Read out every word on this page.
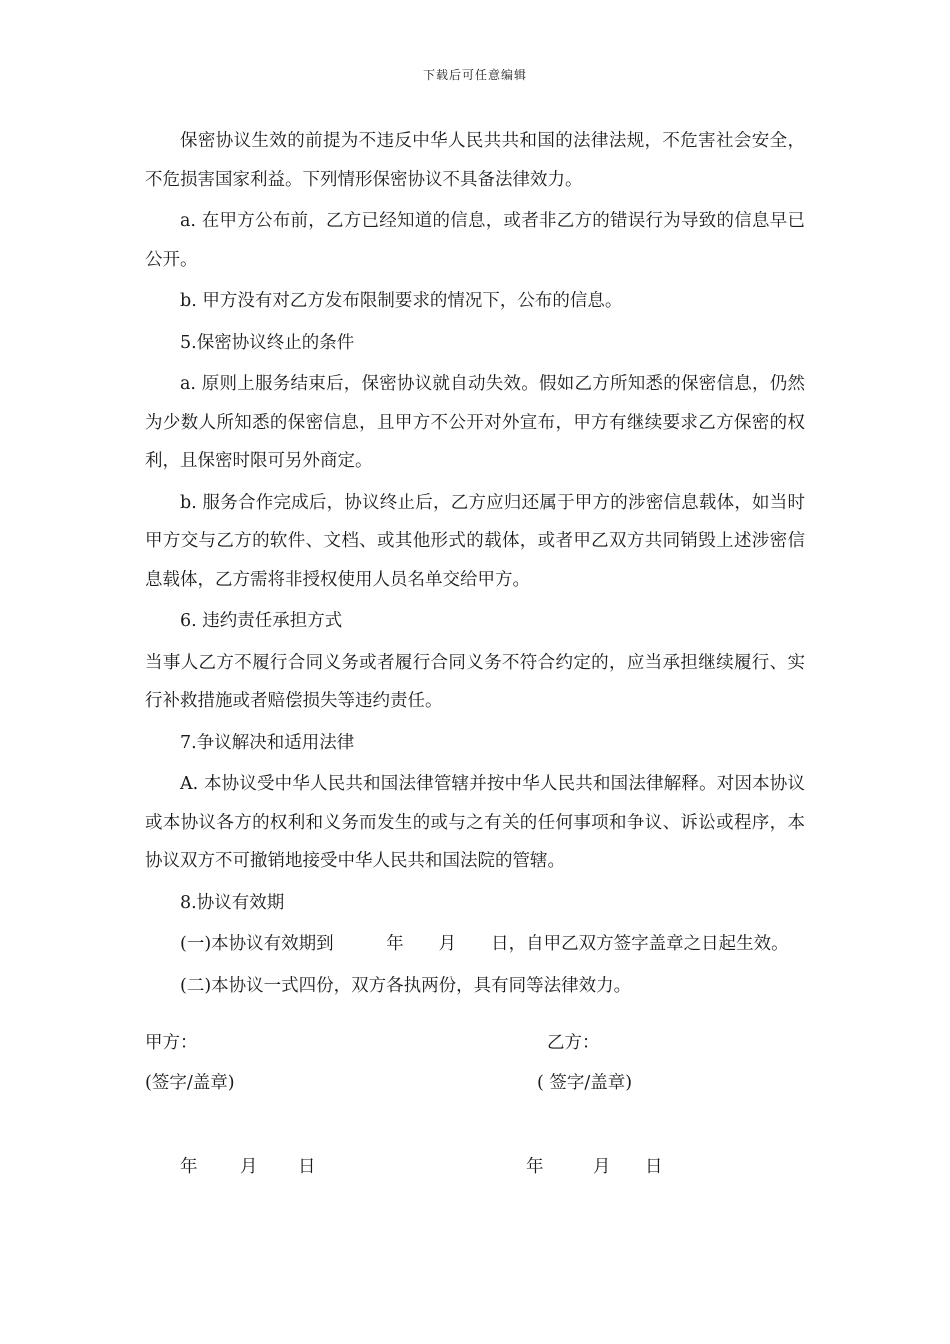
下载后可任意编辑

保密协议生效的前提为不违反中华人民共共和国的法律法规，不危害社会安全，不危损害国家利益。下列情形保密协议不具备法律效力。

a. 在甲方公布前，乙方已经知道的信息，或者非乙方的错误行为导致的信息早已公开。

b. 甲方没有对乙方发布限制要求的情况下，公布的信息。

5.保密协议终止的条件

a. 原则上服务结束后，保密协议就自动失效。假如乙方所知悉的保密信息，仍然为少数人所知悉的保密信息，且甲方不公开对外宣布，甲方有继续要求乙方保密的权利，且保密时限可另外商定。

b. 服务合作完成后，协议终止后，乙方应归还属于甲方的涉密信息载体，如当时甲方交与乙方的软件、文档、或其他形式的载体，或者甲乙双方共同销毁上述涉密信息载体，乙方需将非授权使用人员名单交给甲方。

6. 违约责任承担方式

当事人乙方不履行合同义务或者履行合同义务不符合约定的，应当承担继续履行、实行补救措施或者赔偿损失等违约责任。

7.争议解决和适用法律

A. 本协议受中华人民共和国法律管辖并按中华人民共和国法律解释。对因本协议或本协议各方的权利和义务而发生的或与之有关的任何事项和争议、诉讼或程序，本协议双方不可撤销地接受中华人民共和国法院的管辖。

8.协议有效期

(一)本协议有效期到　　　年　　月　　日，自甲乙双方签字盖章之日起生效。

(二)本协议一式四份，双方各执两份，具有同等法律效力。

甲方：
(签字/盖章)
乙方：
( 签字/盖章)
年 月 日	年	月 日
